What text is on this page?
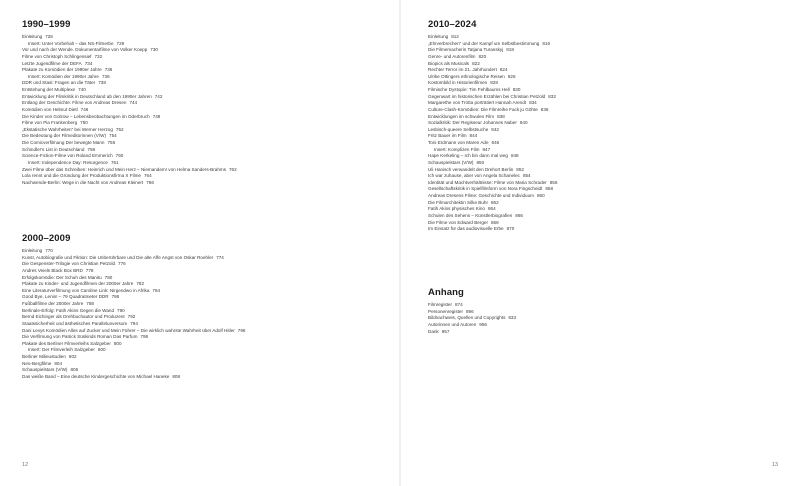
1990–1999
Einleitung 728
Insert: Unter Vorbehalt – das NS-Filmerbe 729
Vor und nach der Wende. Dokumentarfilme von Volker Koepp 730
Filme von Christoph Schlingensief 732
Letzte Jugendfilme der DEFA 734
Plakate zu Komödien der 1990er Jahre 736
Insert: Komödien der 1990er Jahre 736
DDR und Stasi: Fragen an die Täter 738
Entstehung der Multiplexe 740
Entwicklung der Filmkritik in Deutschland ab den 1990er Jahren 742
Entlang der Geschichte: Filme von Andreas Dresen 744
Komödien von Helmut Dietl 746
Die Kinder von Golzow – Lebensbeobachtungen im Oderbruch 748
Filme von Pia Frankenberg 750
„Ekstatische Wahrheiten“ bei Werner Herzog 752
Die Bedeutung der Filmeditorinnen (V/W) 754
Die Comicverfilmung Der bewegte Mann 756
Schindler's List in Deutschland 758
Science-Fiction-Filme von Roland Emmerich 760
Insert: Independence Day: Resurgence 761
Zwei Filme über das Schreiben: Heinrich und Mein Herz – Niemandem! von Helma Sanders-Brahms 762
Lola rennt und die Gründung der Produktionsfirma X Filme 764
Nachwende-Berlin: Wege in die Nacht von Andreas Kleinert 766
2000–2009
Einleitung 770
Kunst, Autobiografie und Fiktion: Die Unberührbare und Die alte Affe Angst von Oskar Roehler 774
Die Gespenster-Trilogie von Christian Petzold 776
Andres Veiels Black Box BRD 778
Erfolgskomödie: Der Schuh des Manitu 780
Plakate zu Kinder- und Jugendfilmen der 2000er Jahre 782
Eine Literaturverfilmung von Caroline Link: Nirgendwo in Afrika 784
Good Bye, Lenin! – 79 Quadratmeter DDR 786
Fußballfilme der 2000er Jahre 788
Berlinale-Erfolg: Fatih Akins Gegen die Wand 790
Bernd Eichinger als Drehbuchautor und Produzent 792
Staatssicherheit und ästhetisches Parallelunversum 794
Dani Levys Komödien Alles auf Zucker und Mein Führer – Die wirklich wahrste Wahrheit über Adolf Hitler 796
Die Verfilmung von Patrick Süskinds Roman Das Parfum 798
Plakate des Berliner Filmverleihs Salzgeber 800
Insert: Der Filmverleih Salzgeber 800
Berliner Milieustudien 802
Neo-Bergfilme 804
Schauspielstars (V/W) 806
Das weiße Band – Eine deutsche Kindergeschichte von Michael Haneke 808
12
2010–2024
Einleitung 812
„Ehrverbrechen“ und der Kampf um Selbstbestimmung 816
Die Filmemacherin Tatjana Turanskyj 818
Genre- und Autorenfilm 820
Biopics als Musicals 822
Rechter Terror im 21. Jahrhundert 824
Ulrike Ottingers ethnologische Reisen 826
Kostümbild in Historienfilmen 828
Filmische Dystopie: Tim Fehlbaums Hell 830
Gegenwart im historischen Erzählen bei Christian Petzold 832
Margarethe von Trotta porträtiert Hannah Arendt 834
Culture-Clash-Komödien: Die Filmreihe Fack ju Göhte 836
Entwicklungen im schwulen Film 838
Sozialkritik: Der Regisseur Johannes Naber 840
Lesbisch-queere Selbstsuche 842
Fritz Bauer im Film 844
Toni Erdmann von Maren Ade 846
Insert: Komplizen Film 847
Hape Kerkeling – Ich bin dann mal weg 848
Schauspielstars (V/W) 850
Uli Hanisch verwandelt den Drehort Berlin 852
Ich war zuhause, aber von Angela Schanelec 854
Identität und Machtverhältnisse: Filme von Maria Schrader 856
Gesellschaftskritik in Spielfilmform von Nora Fingscheidt 858
Andreas Dresens Filme: Geschichte und Individuum 860
Die Filmarchitektin Silke Buhr 862
Fatih Akins physisches Kino 864
Schulen des Sehens – Künstlerbiografien 866
Die Filme von Edward Berger 868
Im Einsatz für das audiovisuelle Erbe 870
Anhang
Filmregister 874
Personenregister 896
Bildnachweis, Quellen und Copyrights 933
Autorinnen und Autoren 956
Dank 957
13
